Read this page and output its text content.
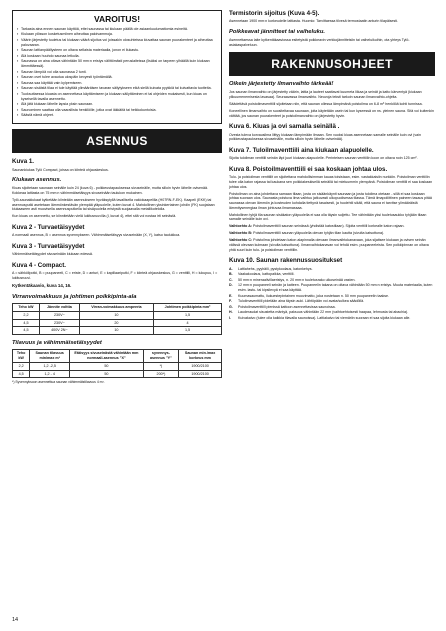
VAROITUS!
▪ Tarkasta aina ennen saunan käyttöä, ettei saunassa tai kiukaan päällä ole asiaankuulumattomia esineitä.
▪ Kiukaan ylösson kosketusmiinen aiheuttaa paloivammoja.
▪ Väärin järjestetty tuuletus tai kiukaan väärä sijoitus voi joissakin olosuhteissa kiuvattaa saunan puurakenteet ja aiheuttaa palovaaran.
▪ Saunan lattianpäällysteen on oltava sellaista materiaalia, jonon ei liukastu.
▪ Älä koskaan huuhdo saunaa letkulla.
▪ Saunassa on aina oltava vähintään 50 mm:n eristys välittömästi peruslaiteissa (lisäksi on tarpeen ylhäällä kuin kiukaan lämmittäessä).
▪ Saunan lämpöä voi olla saunassa 2 tunti.
▪ Saunan ovet tulee avautua ulospäin kevyesti työntämällä.
▪ Saunaa saa käyttää vain kylpemiseen.
▪ Saunan sisäistä tilaa ei tule käyttää ylimääräisen tavaran säilytykseen eikä siellä kuivata pyykkiä tai kuivattavia tuotteita.
▪ Tuoksuttaessa kiuasta on asennettava käyttämiseen ja kiukaan säilyttäminen ei tai ohjeiden mukaisesti, kun kiuas on kyseisellä tavalla asennettu.
▪ Älä jätä kiukaan lähelle lapsia yksin saunaan.
▪ Saunominen saattaa olla vaarallista henkilöille, jotka ovat iäkkäitä tai heikkokuntoisia.
▪ Säästä nämä ohjeet.
ASENNUS
Kuva 1.

Saunankiukas Tylö Compact, joissa on kiinteä ohjauskeskus.

Kiukaan asennus.

Kiuas sijoitetaan saunaan seinälle kuin 24 (kuva 6) - poikkeustapauksessa sivuseinälle, mutta silloin hyvin lähelle ovisenää. Kokkeaa lattiasta on 75 mm:n vähimmäisetäisyys sivuseinään taulukon mukainen.

Tylö-saunakiukaat kytketään kiinteään asennukseen hyväksytyllä tavallisella vakiokaapelilla (H07RN-F-EK). Kaapeli (EKK) tai asennusputki asetetaan lämmönkestävän ylempää yläpuolelle, kuten kuvat 4. Mahdollinen yksinkertainen johdin (FK) suojataan kiukaaseen asti muovisella asennusputkella tai sisäpuolella eristystä suojaavalla metallikotelolla.

Kun kiuas on asennettu, se kiinnitetään vielä lukitusruuvilla (l, kuvat 4), ettei sitä voi nostaa irti seinästä.

Kuva 2 - Turvaetäisyydet

A normaali asennus, B = asennus syvennykseen. Vähimmäisetäisyys sivuseinään (X, Y), katso taulukkoa.

Kuva 3 - Turvaetäisyydet

Vähimmäisetäisyydet sivuseinään kiukaan edessä.

Kuva 4 - Compact.

A = sähkölipotki, B = puupaneeli, C = eriste, D = anturi, E = kapillaariputki, F = kiinteä ohjauskeskus, G = venttiili, H = lukupuu, I = lukitusruuvi.

Kytkentäkaavio, kuva 14, 16.
Virranvoimakkuus ja johtimen poikkipinta-ala
Teho kW	Jännite volttia	Virran-voimakkuus ampeeria	Johtimen poikkipinta mm²
2,2	230V~	10	1,5
4,5	230V~	20	4
4,5	400V 2N~	10	1,5
Tilavuus ja vähimmäisetäisyydet
Teho kW	Saunan tilavuus min/max m³	Etäisyys sivuseinästä vähintään mm normaali-asennus "X"	syvennys-asennus "Y"	Saunan min./max korkeus mm
2,2	1,2 -2,5	50	*)	1900/2100
4,5	1,2 - 4	50	200*)	1900/2100
*) Syvennyksoon asennettua saunan vähimmäistilavuus 4 m³.
Termistorin sijoitus (Kuva 4-5).

Asennetaan 1900 mm:n korkeudelle lattiasta. Huomio: Tarvittaessa tilvesä termostaatin anturin tilapäisesti.

Poikkeavat jännitteet tai vaiheluku.

Asennettaessa laite kytkentäkaaviossa esitetyistä poikkeavin verkkojännitteisiin tai vaiheluikuihin, ota yhteys Tylö-asiakaspalveluun.

RAKENNUSOHJEET
Oikein järjestetty ilmanvaihto tärkeää!

Jos saunan ilmanvaihto on järjestetty väärin, lattia ja lauteet saattavat kuumeta liikaa ja seinät ja katto kärventyä (kiukaan ylikuumenemisesta lavasaa). Seuraavassa ilmanvaihto. Neuvoja teksti tarkoin saunan ilmanvaihto-ohjeita.

Säädettävä poistoilmaventtiili sijoitetaan niin, että saunan ollessa lämpimänä poistoilma on 6-8 m³ henkilöä kohti tunnissa.

Koneellinen ilmanvaihto on suositeltavaa saunaan, joita käytetään usein tai kun kyseessä on ns. yleinen sauna. Sitä voi kuitenkin välttää, jos saunan puurakenteet ja poistoilmanvaihto on järjestetty hyvin.

Kuva 6. Kiuas ja ovi samalla seinällä .

Ovesta tuleva korvausilma liittyy kiukaan lämpimään ilmaan. Sen vuoksi kiuas asennetaan samalle seinälle kuin ovi (vain poikkeustapauksessa sivuseinälle, mutta silloin hyvin lähelle oviseinää).

Kuva 7. Tuloilmaventtiili aina kiukaan alapuolelle.

Sijoita tuloilman venttiili seinän läpi juuri kiukaan alapuolelle. Perinteisen saunan venttiilin koon on oltava noin 125 cm².

Kuva 8. Poistoilmaventtiili ei saa koskaan johtaa ulos.

Tulo- ja poistoilman venttiilit on sijoitettava mahdollisimman kauas toisistaan, esim. vastakkaisiin nurkkiin. Poistoilman venttiilin tulee olla katon rajassa tai kaukana sen poikkiakeskisellä seinällä tai mieluummin ylempänä. Poistoilman venttiili ei saa koskaan johtaa ulos.

Poistoilman on aina johdettava samaan tilaan, josta on sisäänkäynti saunaan ja josta tuloilma otetaan - sillä ei saa koskaan johtaa suoraan ulos. Saunasta poistuva ilma vaihtuu jatkuvasti ulkopuolisessa tilassa. Tämä ilmapoliittinen paineen tasaus pitää saunassa olevan lämmön ja kosteuden kohdalla tiettynä tasaisesti, ja huolehtii sikäli, että sauna ei tarvitse ylimääräistä lämmitysenergiaa ilman johtuvaa ilmamassaa.

Mahdollinen tyhjä tila saunan sisäkaton yläpuolella ei saa olla täysin suljettu. Tee vähintään yksi tuuletusaukko tyhjään tilaan samalle seinälle kuin ovi.

Vaihtoehto A: Poistoilmaventtiili saunan seinässä (yhdistää katostilaan). Sijoita venttiili korkealle katon rajaan.

Vaihtoehto B: Poistoilmaventtiili saunan yläpuolella olevan tyhjän tilan kautta (sivulta katsottuna).

Vaihtoehto C: Poistoilma johdetaan katon alapinnalla olevaan ilmanvaihtokanavaan, joka sijaitsee kiukaan ja ovisen seinän välissä olevaan kulmaan (sivulta katsottuna). Ilmanvaihtokanavan voi tehdä esim. puupaneeleista. Sen poikkipinnan on oltava yhtä suuri kuin tulo- ja poistoilman venttiilin.

Kuva 10. Saunan rakennussuositukset
A. Lattiahehs, pyyhäili, pystykoolaus, katonkehys.
B. Vaakakoolaus, kattopaikka, venttiili.
C. 50 mm:n mineraalivillaeristys, n. 20 mm:n tuuletusrako ulkoseinää vasten.
D. 12 mm:n puupaneeli seinän ja katteen. Puupaneelin takana on oltava vähintään 50 mm:n eristys. Muuta materiaalia, kuten esim. lastu- tai kipsilevyä ei saa käyttää.
E. Kuumasaumattu, liukuestepintainen muovimatto, joka nostetaan n. 50 mm puupaneelin taakse.
F. Tuloilmaventtiili pidetään aina täysin auki. Lähtöpään voi avata/sulkea säädöllä.
G. Poistoilmaventtiili pienissä kattoon asennettavissa saunoissa.
H. Lauderaudat sisustetta mäntyä, paksuus vähintään 22 mm (vaihtoehtoisesti haapaa, lehmusta tai abachia).
I. Kuivakaivo (tulee olla kaikkia tilavalla saunoissa). Lattiakaivo tai viemäriin suoraan ei saa sijoita kiukaan alle.
14
